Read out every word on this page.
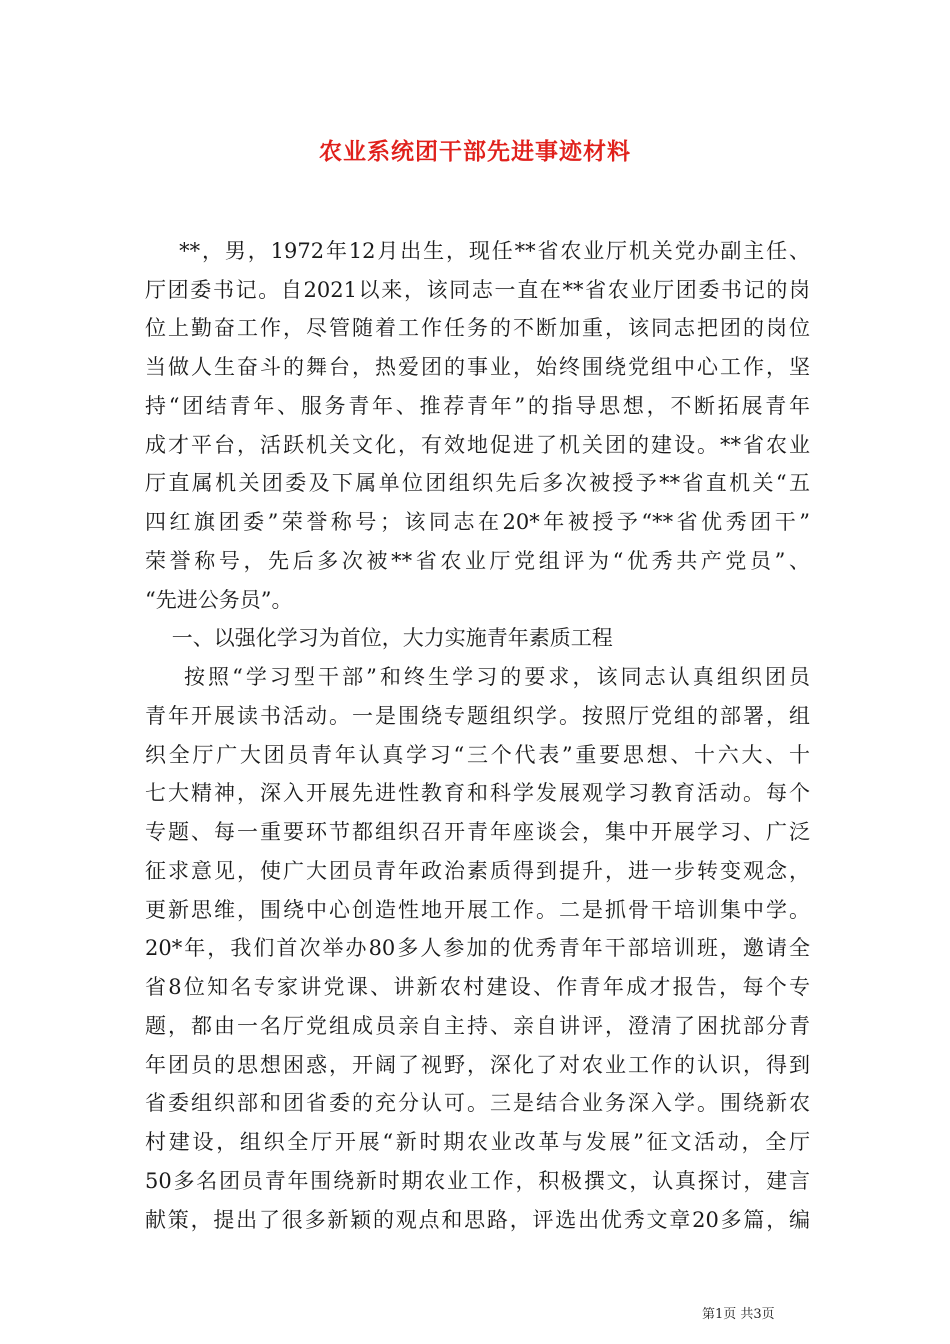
农业系统团干部先进事迹材料
**，男，1972年12月出生，现任**省农业厅机关党办副主任、
厅团委书记。自2021以来，该同志一直在**省农业厅团委书记的岗
位上勤奋工作，尽管随着工作任务的不断加重，该同志把团的岗位
当做人生奋斗的舞台，热爱团的事业，始终围绕党组中心工作，坚
持“团结青年、服务青年、推荐青年”的指导思想，不断拓展青年
成才平台，活跃机关文化，有效地促进了机关团的建设。**省农业
厅直属机关团委及下属单位团组织先后多次被授予**省直机关“五
四红旗团委”荣誉称号；该同志在20*年被授予“**省优秀团干”
荣誉称号，先后多次被**省农业厅党组评为“优秀共产党员”、
“先进公务员”。
一、以强化学习为首位，大力实施青年素质工程
按照“学习型干部”和终生学习的要求，该同志认真组织团员
青年开展读书活动。一是围绕专题组织学。按照厅党组的部署，组
织全厅广大团员青年认真学习“三个代表”重要思想、十六大、十
七大精神，深入开展先进性教育和科学发展观学习教育活动。每个
专题、每一重要环节都组织召开青年座谈会，集中开展学习、广泛
征求意见，使广大团员青年政治素质得到提升，进一步转变观念，
更新思维，围绕中心创造性地开展工作。二是抓骨干培训集中学。
20*年，我们首次举办80多人参加的优秀青年干部培训班，邀请全
省8位知名专家讲党课、讲新农村建设、作青年成才报告，每个专
题，都由一名厅党组成员亲自主持、亲自讲评，澄清了困扰部分青
年团员的思想困惑，开阔了视野，深化了对农业工作的认识，得到
省委组织部和团省委的充分认可。三是结合业务深入学。围绕新农
村建设，组织全厅开展“新时期农业改革与发展”征文活动，全厅
50多名团员青年围绕新时期农业工作，积极撰文，认真探讨，建言
献策，提出了很多新颖的观点和思路，评选出优秀文章20多篇，编
第1页 共3页
